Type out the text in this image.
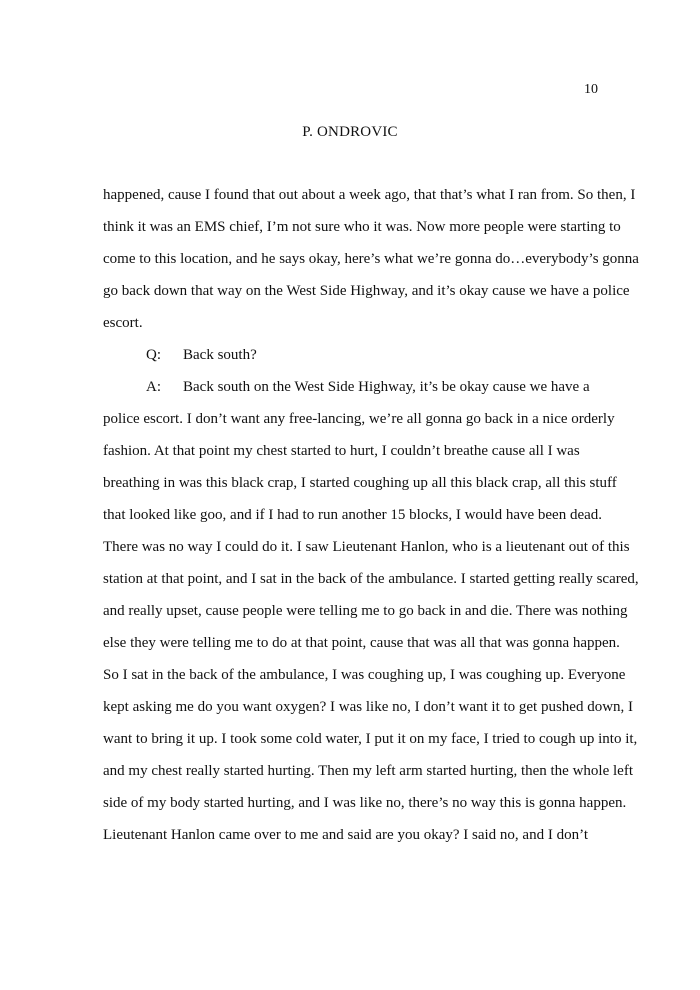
10
P. ONDROVIC
happened, cause I found that out about a week ago, that that’s what I ran from. So then, I
think it was an EMS chief, I’m not sure who it was. Now more people were starting to
come to this location, and he says okay, here’s what we’re gonna do…everybody’s gonna
go back down that way on the West Side Highway, and it’s okay cause we have a police
escort.
Q: Back south?
A: Back south on the West Side Highway, it’s be okay cause we have a
police escort. I don’t want any free-lancing, we’re all gonna go back in a nice orderly
fashion. At that point my chest started to hurt, I couldn’t breathe cause all I was
breathing in was this black crap, I started coughing up all this black crap, all this stuff
that looked like goo, and if I had to run another 15 blocks, I would have been dead.
There was no way I could do it. I saw Lieutenant Hanlon, who is a lieutenant out of this
station at that point, and I sat in the back of the ambulance. I started getting really scared,
and really upset, cause people were telling me to go back in and die. There was nothing
else they were telling me to do at that point, cause that was all that was gonna happen.
So I sat in the back of the ambulance, I was coughing up, I was coughing up. Everyone
kept asking me do you want oxygen? I was like no, I don’t want it to get pushed down, I
want to bring it up. I took some cold water, I put it on my face, I tried to cough up into it,
and my chest really started hurting. Then my left arm started hurting, then the whole left
side of my body started hurting, and I was like no, there’s no way this is gonna happen.
Lieutenant Hanlon came over to me and said are you okay? I said no, and I don’t
